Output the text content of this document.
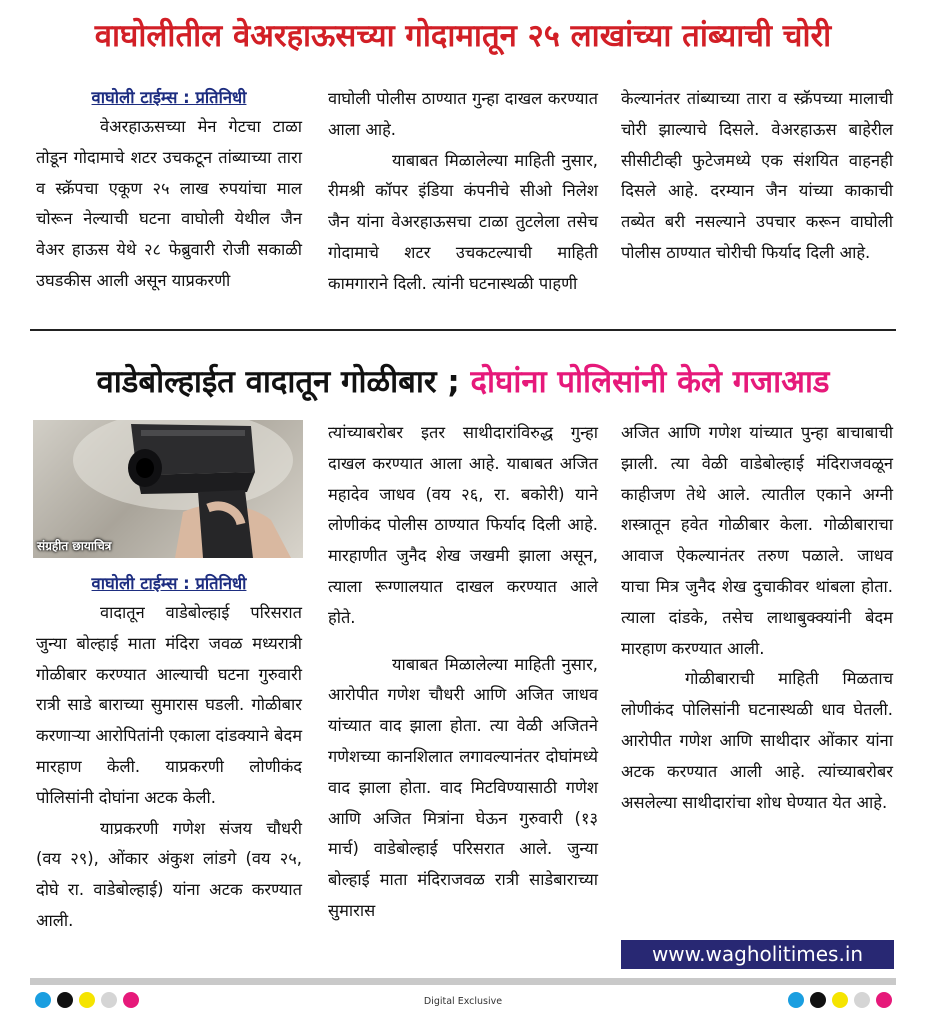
वाघोलीतील वेअरहाऊसच्या गोदामातून २५ लाखांच्या तांब्याची चोरी
वाघोली टाईम्स : प्रतिनिधी

वेअरहाऊसच्या मेन गेटचा टाळा तोडून गोदामाचे शटर उचकटून तांब्याच्या तारा व स्क्रॅपचा एकूण २५ लाख रुपयांचा माल चोरून नेल्याची घटना वाघोली येथील जैन वेअर हाऊस येथे २८ फेब्रुवारी रोजी सकाळी उघडकीस आली असून याप्रकरणी

वाघोली पोलीस ठाण्यात गुन्हा दाखल करण्यात आला आहे.

याबाबत मिळालेल्या माहिती नुसार, रीमश्री कॉपर इंडिया कंपनीचे सीओ निलेश जैन यांना वेअरहाऊसचा टाळा तुटलेला तसेच गोदामाचे शटर उचकटल्याची माहिती कामगाराने दिली. त्यांनी घटनास्थळी पाहणी

केल्यानंतर तांब्याच्या तारा व स्क्रॅपच्या मालाची चोरी झाल्याचे दिसले. वेअरहाऊस बाहेरील सीसीटीव्ही फुटेजमध्ये एक संशयित वाहनही दिसले आहे. दरम्यान जैन यांच्या काकाची तब्येत बरी नसल्याने उपचार करून वाघोली पोलीस ठाण्यात चोरीची फिर्याद दिली आहे.

वाडेबोल्हाईत वादातून गोळीबार ; दोघांना पोलिसांनी केले गजाआड
संग्रहीत छायाचित्र
वाघोली टाईम्स : प्रतिनिधी

वादातून वाडेबोल्हाई परिसरात जुन्या बोल्हाई माता मंदिरा जवळ मध्यरात्री गोळीबार करण्यात आल्याची घटना गुरुवारी रात्री साडे बाराच्या सुमारास घडली. गोळीबार करणाऱ्या आरोपितांनी एकाला दांडक्याने बेदम मारहाण केली. याप्रकरणी लोणीकंद पोलिसांनी दोघांना अटक केली.

याप्रकरणी गणेश संजय चौधरी (वय २९), ओंकार अंकुश लांडगे (वय २५, दोघे रा. वाडेबोल्हाई) यांना अटक करण्यात आली.

त्यांच्याबरोबर इतर साथीदारांविरुद्ध गुन्हा दाखल करण्यात आला आहे. याबाबत अजित महादेव जाधव (वय २६, रा. बकोरी) याने लोणीकंद पोलीस ठाण्यात फिर्याद दिली आहे. मारहाणीत जुनैद शेख जखमी झाला असून, त्याला रूग्णालयात दाखल करण्यात आले होते.

याबाबत मिळालेल्या माहिती नुसार, आरोपीत गणेश चौधरी आणि अजित जाधव यांच्यात वाद झाला होता. त्या वेळी अजितने गणेशच्या कानशिलात लगावल्यानंतर दोघांमध्ये वाद झाला होता. वाद मिटविण्यासाठी गणेश आणि अजित मित्रांना घेऊन गुरुवारी (१३ मार्च) वाडेबोल्हाई परिसरात आले. जुन्या बोल्हाई माता मंदिराजवळ रात्री साडेबाराच्या सुमारास

अजित आणि गणेश यांच्यात पुन्हा बाचाबाची झाली. त्या वेळी वाडेबोल्हाई मंदिराजवळून काहीजण तेथे आले. त्यातील एकाने अग्नी शस्त्रातून हवेत गोळीबार केला. गोळीबाराचा आवाज ऐकल्यानंतर तरुण पळाले. जाधव याचा मित्र जुनैद शेख दुचाकीवर थांबला होता. त्याला दांडके, तसेच लाथाबुक्क्यांनी बेदम मारहाण करण्यात आली.

गोळीबाराची माहिती मिळताच लोणीकंद पोलिसांनी घटनास्थळी धाव घेतली. आरोपीत गणेश आणि साथीदार ओंकार यांना अटक करण्यात आली आहे. त्यांच्याबरोबर असलेल्या साथीदारांचा शोध घेण्यात येत आहे.

www.wagholitimes.in
Digital Exclusive
